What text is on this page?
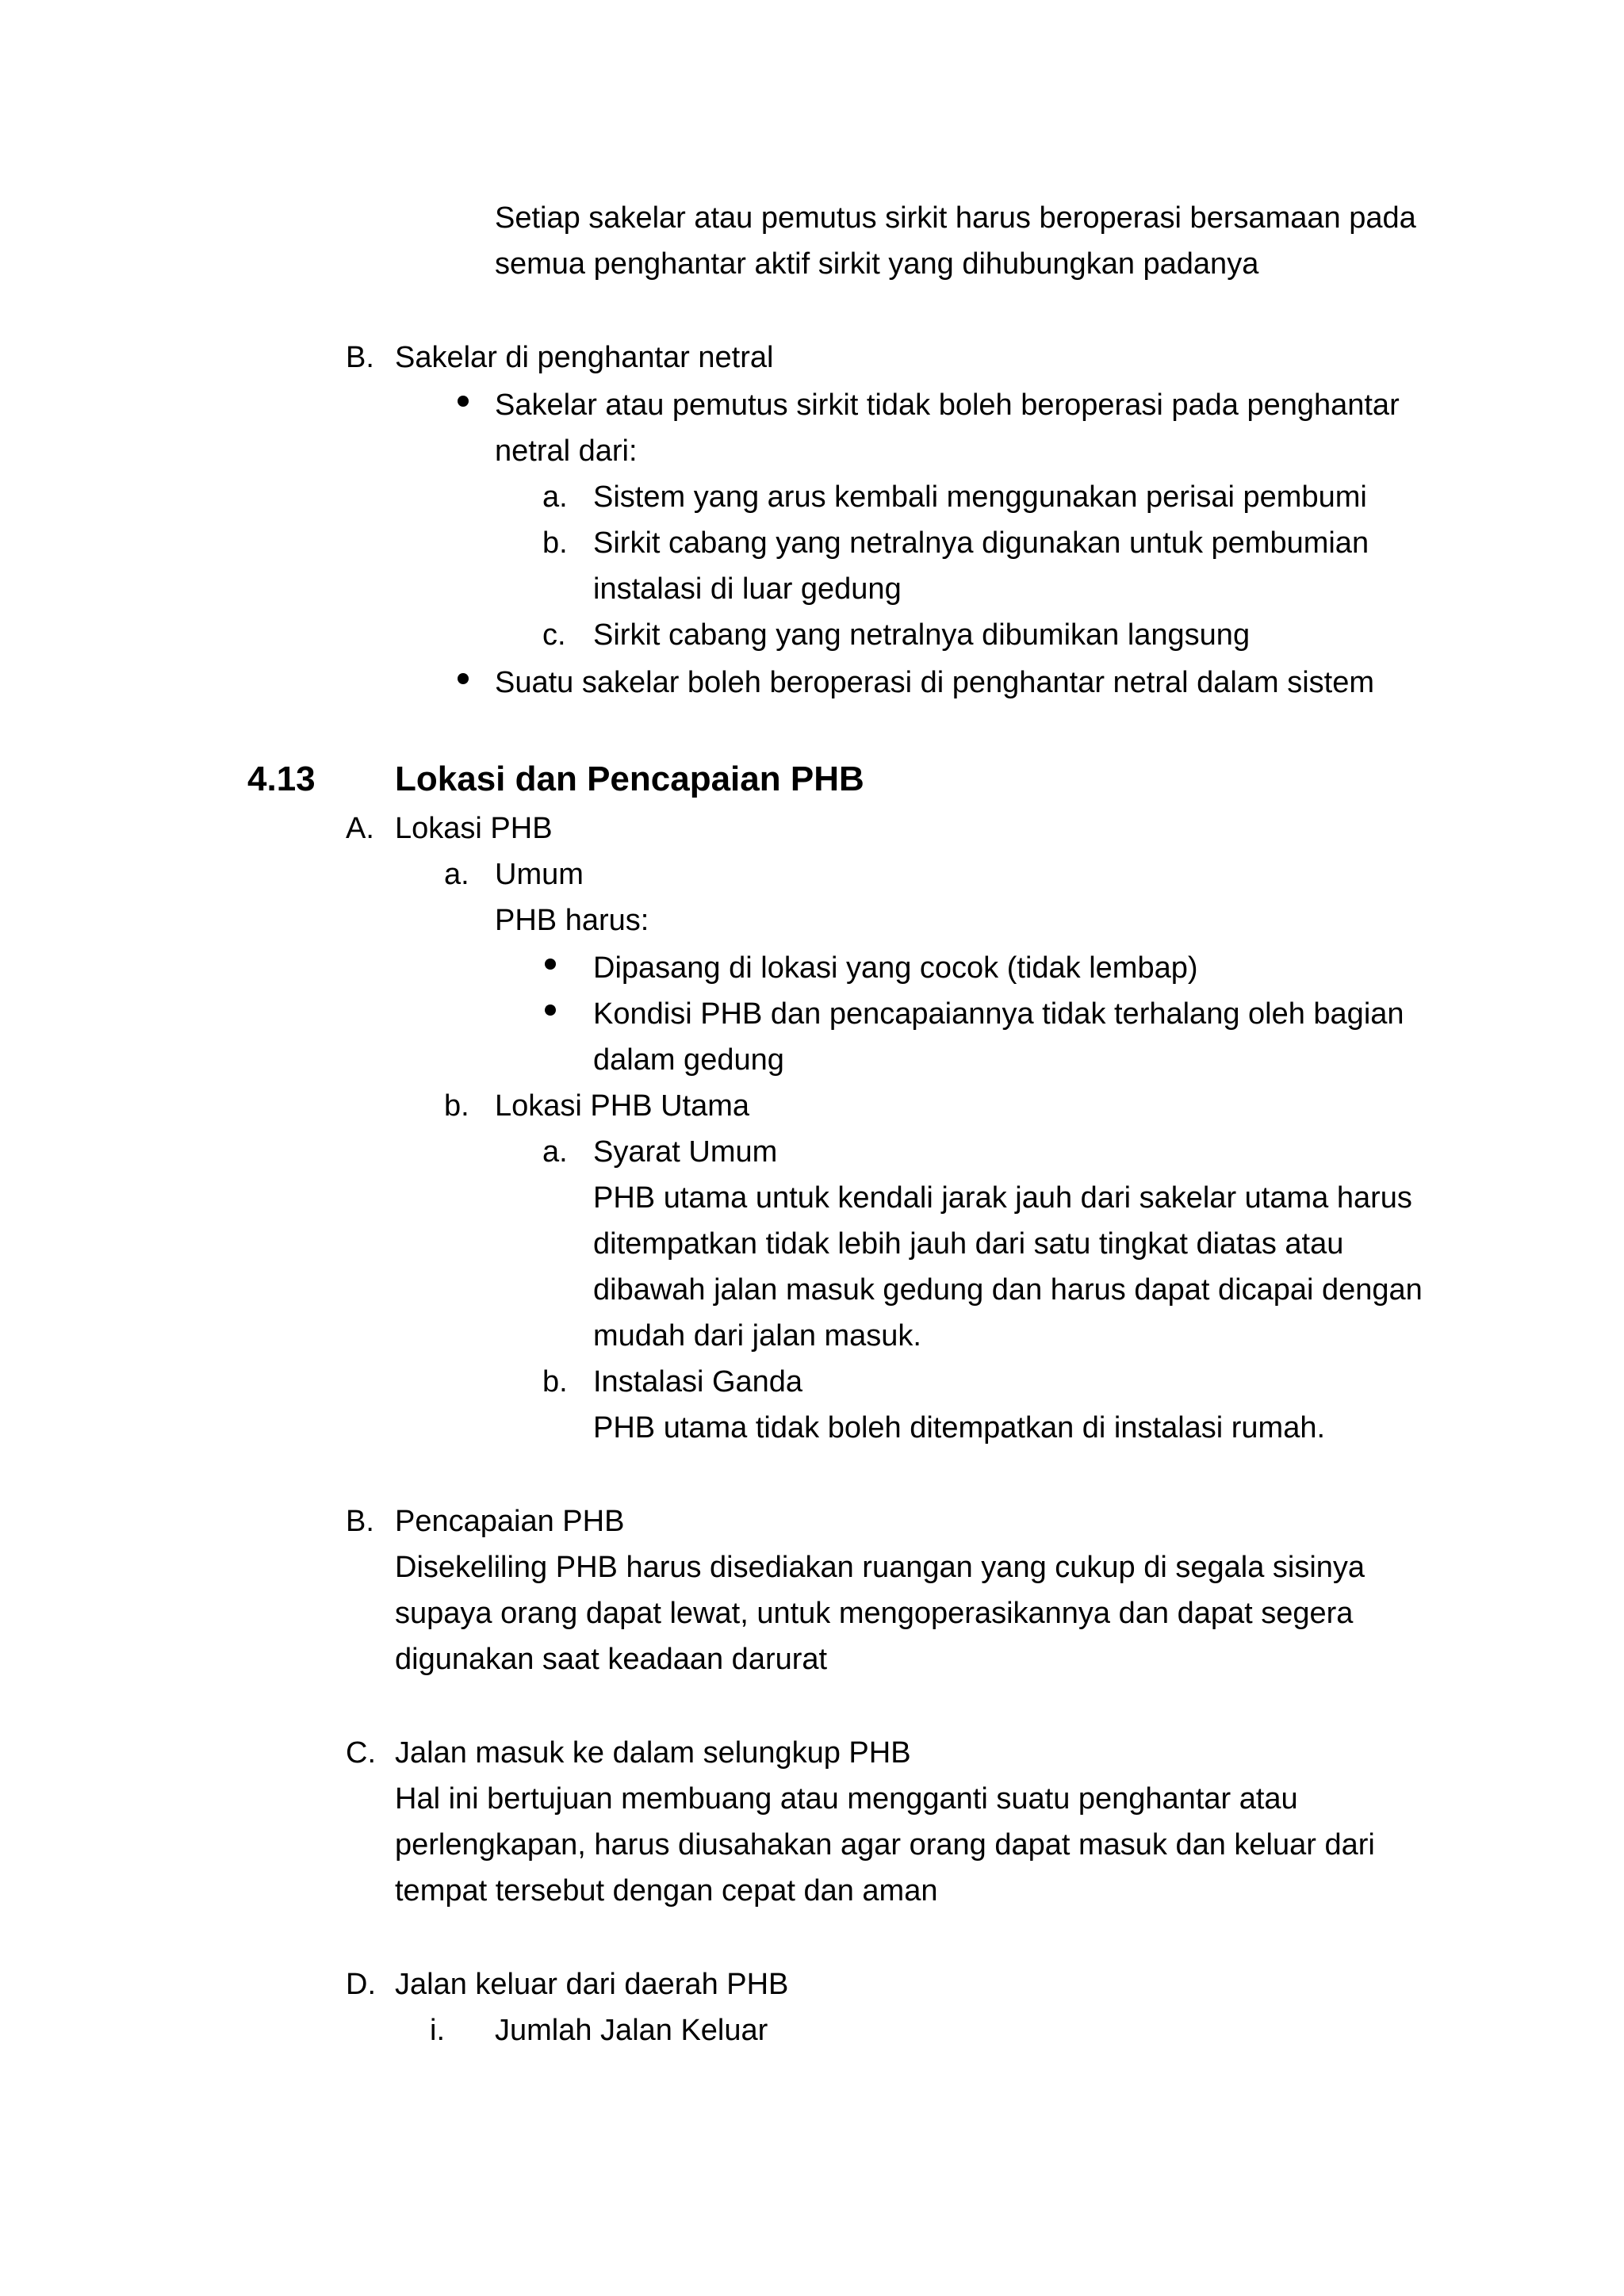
Setiap sakelar atau pemutus sirkit harus beroperasi bersamaan pada
semua penghantar aktif sirkit yang dihubungkan padanya
B. Sakelar di penghantar netral
Sakelar atau pemutus sirkit tidak boleh beroperasi pada penghantar
netral dari:
a. Sistem yang arus kembali menggunakan perisai pembumi
b. Sirkit cabang yang netralnya digunakan untuk pembumian
instalasi di luar gedung
c. Sirkit cabang yang netralnya dibumikan langsung
Suatu sakelar boleh beroperasi di penghantar netral dalam sistem
4.13 Lokasi dan Pencapaian PHB
A. Lokasi PHB
a. Umum
PHB harus:
Dipasang di lokasi yang cocok (tidak lembap)
Kondisi PHB dan pencapaiannya tidak terhalang oleh bagian
dalam gedung
b. Lokasi PHB Utama
a. Syarat Umum
PHB utama untuk kendali jarak jauh dari sakelar utama harus
ditempatkan tidak lebih jauh dari satu tingkat diatas atau
dibawah jalan masuk gedung dan harus dapat dicapai dengan
mudah dari jalan masuk.
b. Instalasi Ganda
PHB utama tidak boleh ditempatkan di instalasi rumah.
B. Pencapaian PHB
Disekeliling PHB harus disediakan ruangan yang cukup di segala sisinya
supaya orang dapat lewat, untuk mengoperasikannya dan dapat segera
digunakan saat keadaan darurat
C. Jalan masuk ke dalam selungkup PHB
Hal ini bertujuan membuang atau mengganti suatu penghantar atau
perlengkapan, harus diusahakan agar orang dapat masuk dan keluar dari
tempat tersebut dengan cepat dan aman
D. Jalan keluar dari daerah PHB
i. Jumlah Jalan Keluar
